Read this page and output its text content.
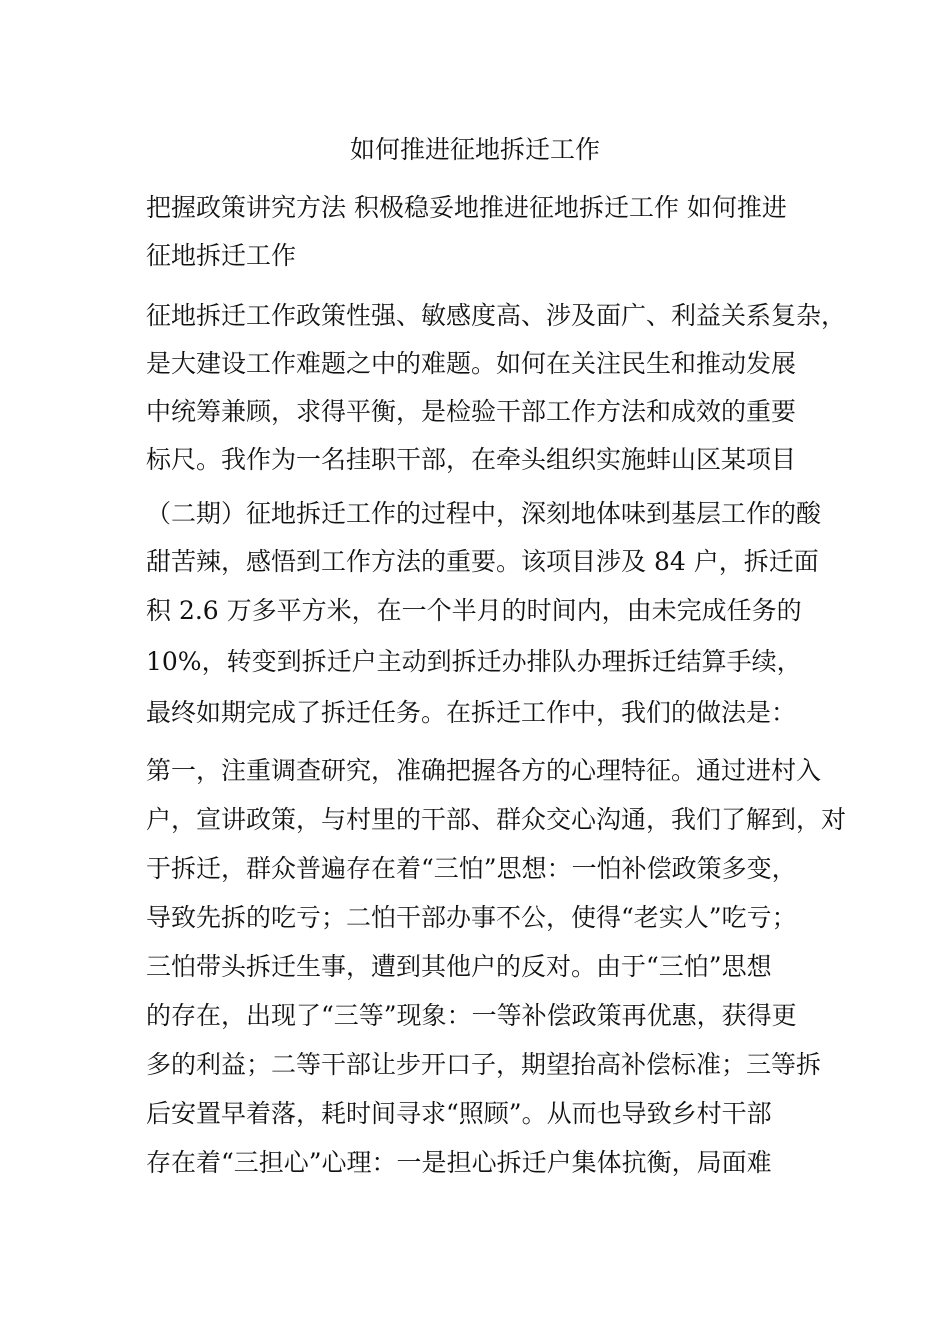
如何推进征地拆迁工作
把握政策讲究方法 积极稳妥地推进征地拆迁工作 如何推进
征地拆迁工作
征地拆迁工作政策性强、敏感度高、涉及面广、利益关系复杂，
是大建设工作难题之中的难题。如何在关注民生和推动发展
中统筹兼顾，求得平衡，是检验干部工作方法和成效的重要
标尺。我作为一名挂职干部，在牵头组织实施蚌山区某项目
（二期）征地拆迁工作的过程中，深刻地体味到基层工作的酸
甜苦辣，感悟到工作方法的重要。该项目涉及 84 户，拆迁面
积 2.6 万多平方米，在一个半月的时间内，由未完成任务的
10%，转变到拆迁户主动到拆迁办排队办理拆迁结算手续，
最终如期完成了拆迁任务。在拆迁工作中，我们的做法是：
第一，注重调查研究，准确把握各方的心理特征。通过进村入
户，宣讲政策，与村里的干部、群众交心沟通，我们了解到，对
于拆迁，群众普遍存在着“三怕”思想：一怕补偿政策多变，
导致先拆的吃亏；二怕干部办事不公，使得“老实人”吃亏；
三怕带头拆迁生事，遭到其他户的反对。由于“三怕”思想
的存在，出现了“三等”现象：一等补偿政策再优惠，获得更
多的利益；二等干部让步开口子，期望抬高补偿标准；三等拆
后安置早着落，耗时间寻求“照顾”。从而也导致乡村干部
存在着“三担心”心理：一是担心拆迁户集体抗衡，局面难
